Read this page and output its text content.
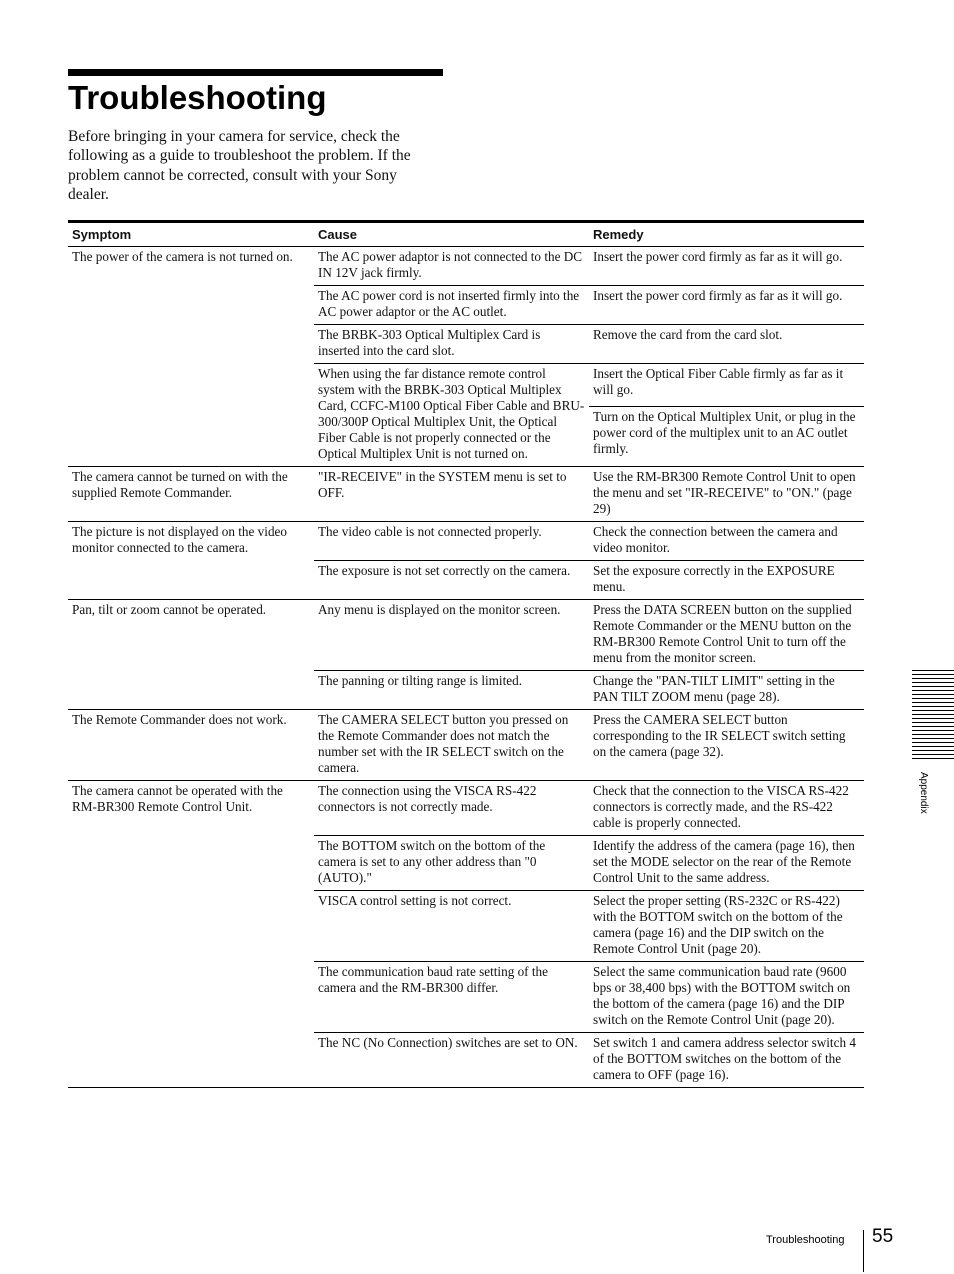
Troubleshooting

Before bringing in your camera for service, check the following as a guide to troubleshoot the problem. If the problem cannot be corrected, consult with your Sony dealer.

Symptom	Cause	Remedy
The power of the camera is not turned on.	The AC power adaptor is not connected to the DC IN 12V jack firmly.	Insert the power cord firmly as far as it will go.
	The AC power cord is not inserted firmly into the AC power adaptor or the AC outlet.	Insert the power cord firmly as far as it will go.
	The BRBK-303 Optical Multiplex Card is inserted into the card slot.	Remove the card from the card slot.
	When using the far distance remote control system with the BRBK-303 Optical Multiplex Card, CCFC-M100 Optical Fiber Cable and BRU-300/300P Optical Multiplex Unit, the Optical Fiber Cable is not properly connected or the Optical Multiplex Unit is not turned on.	Insert the Optical Fiber Cable firmly as far as it will go.
		Turn on the Optical Multiplex Unit, or plug in the power cord of the multiplex unit to an AC outlet firmly.
The camera cannot be turned on with the supplied Remote Commander.	"IR-RECEIVE" in the SYSTEM menu is set to OFF.	Use the RM-BR300 Remote Control Unit to open the menu and set "IR-RECEIVE" to "ON." (page 29)
The picture is not displayed on the video monitor connected to the camera.	The video cable is not connected properly.	Check the connection between the camera and video monitor.
	The exposure is not set correctly on the camera.	Set the exposure correctly in the EXPOSURE menu.
Pan, tilt or zoom cannot be operated.	Any menu is displayed on the monitor screen.	Press the DATA SCREEN button on the supplied Remote Commander or the MENU button on the RM-BR300 Remote Control Unit to turn off the menu from the monitor screen.
	The panning or tilting range is limited.	Change the "PAN-TILT LIMIT" setting in the PAN TILT ZOOM menu (page 28).
The Remote Commander does not work.	The CAMERA SELECT button you pressed on the Remote Commander does not match the number set with the IR SELECT switch on the camera.	Press the CAMERA SELECT button corresponding to the IR SELECT switch setting on the camera (page 32).
The camera cannot be operated with the RM-BR300 Remote Control Unit.	The connection using the VISCA RS-422 connectors is not correctly made.	Check that the connection to the VISCA RS-422 connectors is correctly made, and the RS-422 cable is properly connected.
	The BOTTOM switch on the bottom of the camera is set to any other address than "0 (AUTO)."	Identify the address of the camera (page 16), then set the MODE selector on the rear of the Remote Control Unit to the same address.
	VISCA control setting is not correct.	Select the proper setting (RS-232C or RS-422) with the BOTTOM switch on the bottom of the camera (page 16) and the DIP switch on the Remote Control Unit (page 20).
	The communication baud rate setting of the camera and the RM-BR300 differ.	Select the same communication baud rate (9600 bps or 38,400 bps) with the BOTTOM switch on the bottom of the camera (page 16) and the DIP switch on the Remote Control Unit (page 20).
	The NC (No Connection) switches are set to ON.	Set switch 1 and camera address selector switch 4 of the BOTTOM switches on the bottom of the camera to OFF (page 16).
Appendix
Troubleshooting 55
